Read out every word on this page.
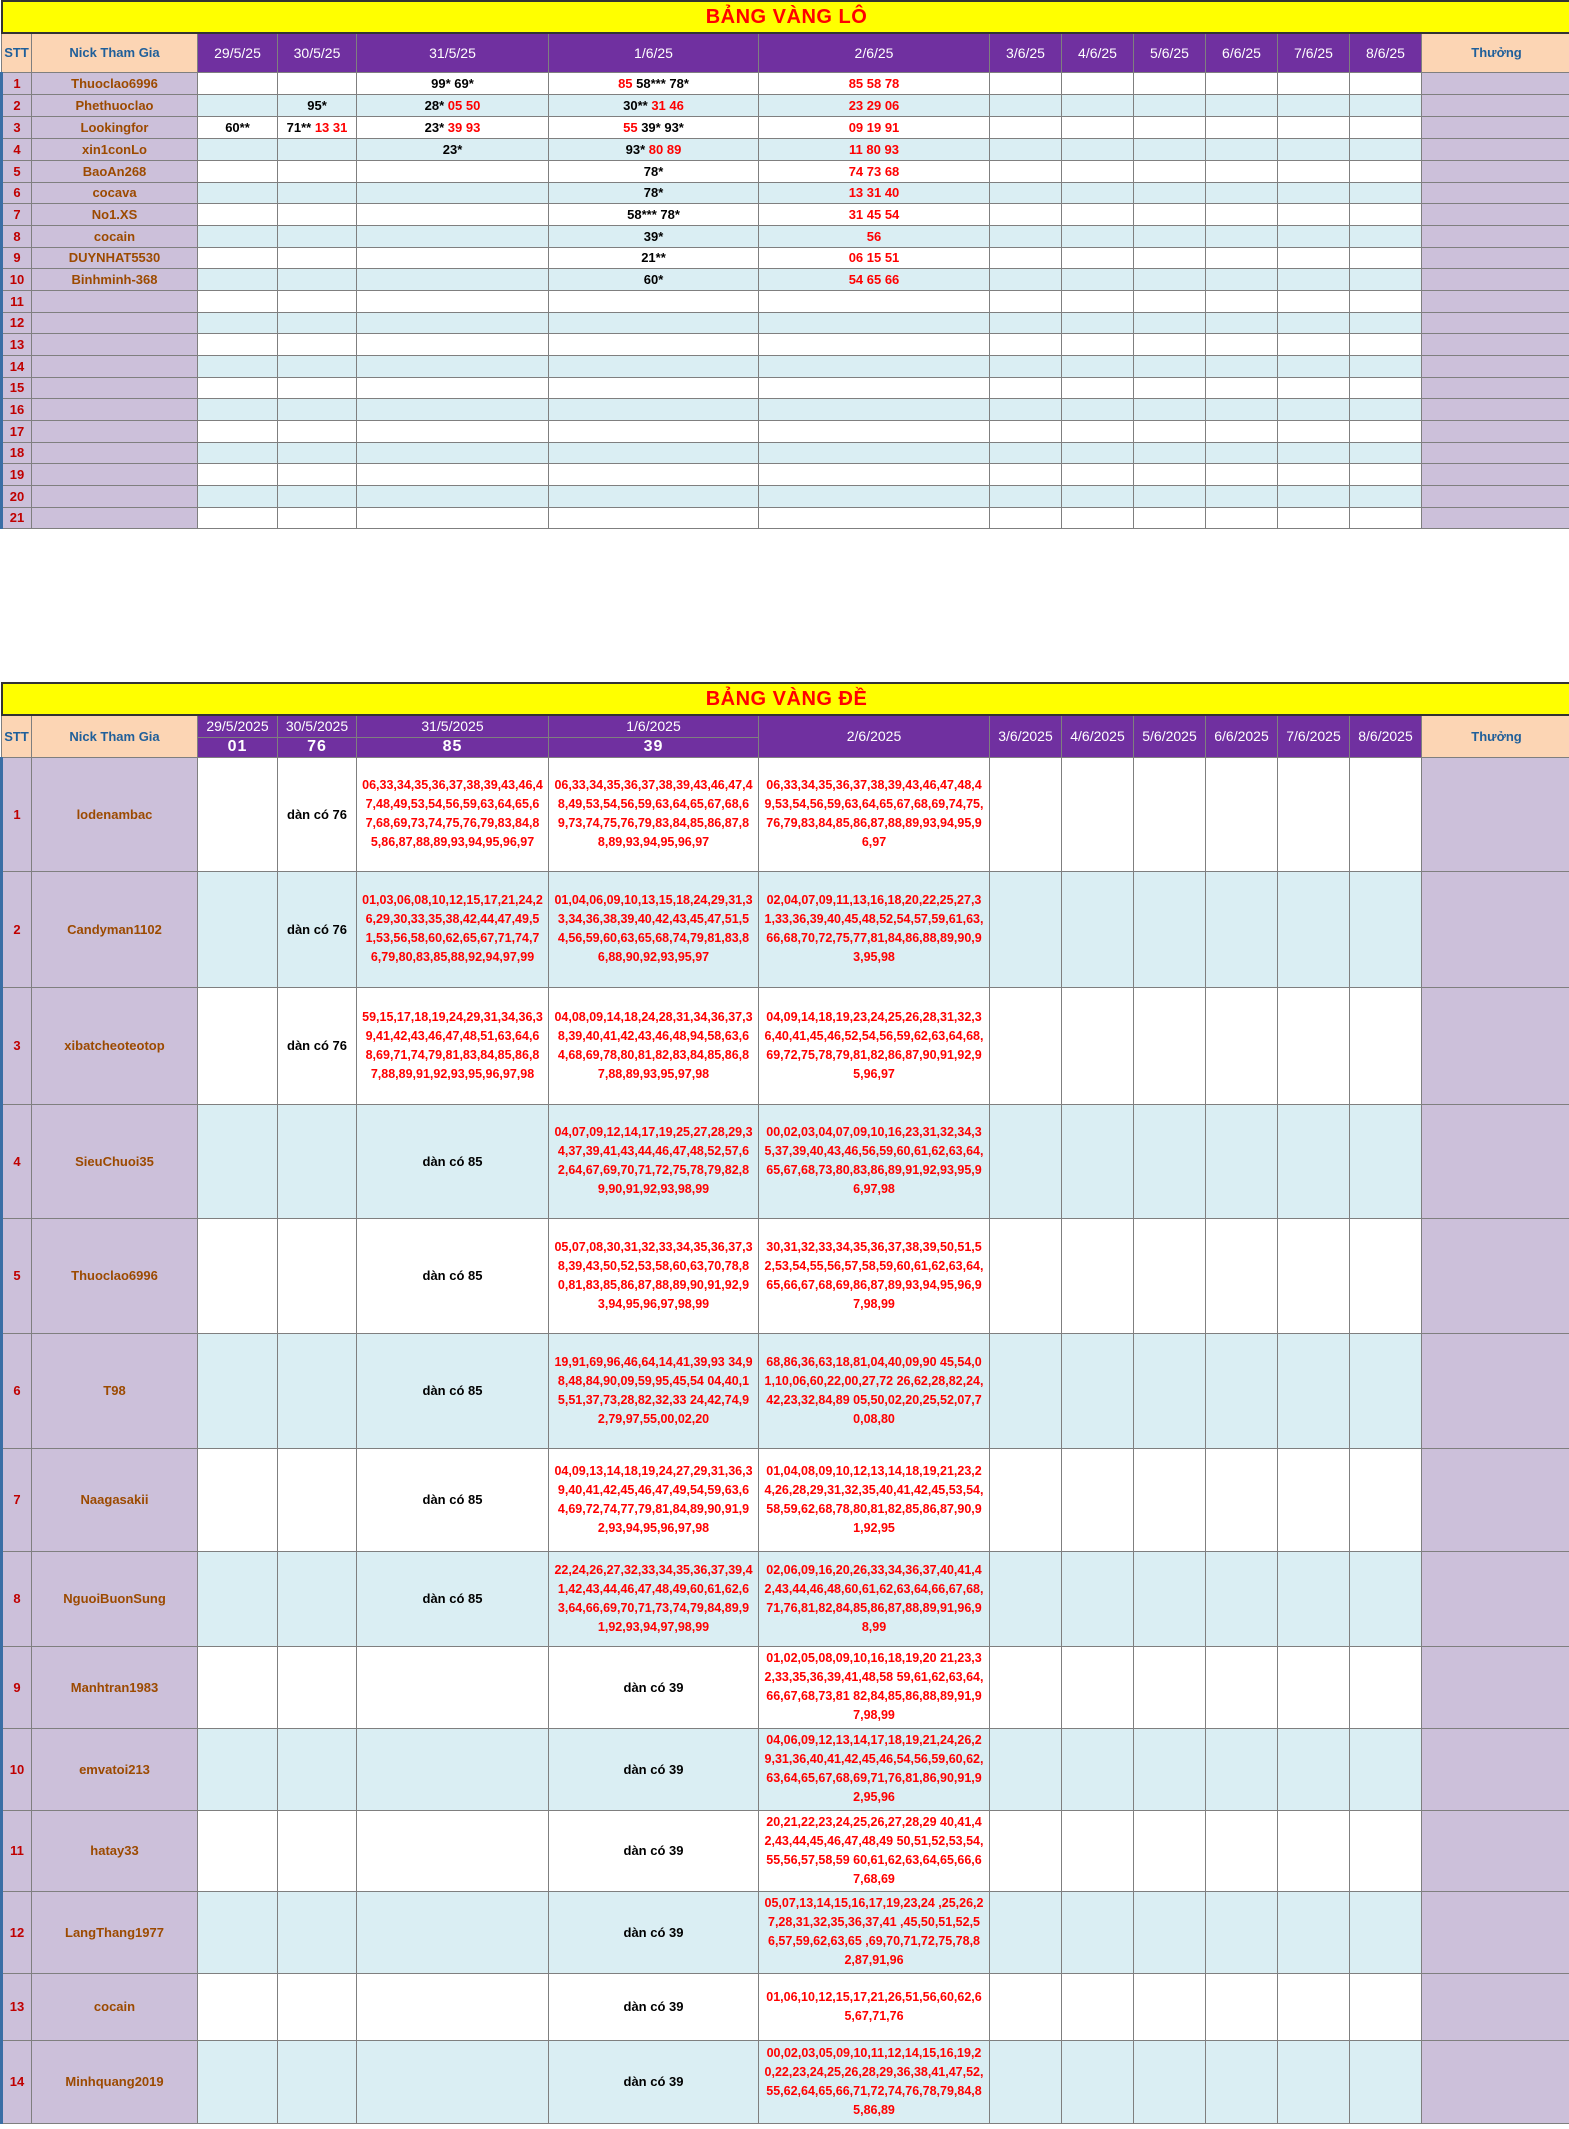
BẢNG VÀNG LÔ													
STT	Nick Tham Gia	29/5/25	30/5/25	31/5/25	1/6/25	2/6/25	3/6/25	4/6/25	5/6/25	6/6/25	7/6/25	8/6/25	Thưởng
1	Thuoclao6996			99* 69*	85 58*** 78*	85 58 78							
2	Phethuoclao		95*	28* 05 50	30** 31 46	23 29 06							
3	Lookingfor	60**	71** 13 31	23* 39 93	55 39* 93*	09 19 91							
4	xin1conLo			23*	93* 80 89	11 80 93							
5	BaoAn268				78*	74 73 68							
6	cocava				78*	13 31 40							
7	No1.XS				58*** 78*	31 45 54							
8	cocain				39*	56							
9	DUYNHAT5530				21**	06 15 51							
10	Binhminh-368				60*	54 65 66							
11													
12													
13													
14													
15													
16													
17													
18													
19													
20													
21													
BẢNG VÀNG ĐỀ													
STT	Nick Tham Gia	29/5/2025	30/5/2025	31/5/2025	1/6/2025	2/6/2025	3/6/2025	4/6/2025	5/6/2025	6/6/2025	7/6/2025	8/6/2025	Thưởng
		01	76	85	39								
1	lodenambac		dàn có 76	06,33,34,35,36,37,38,39,43,46,47,48,49,53,54,56,59,63,64,65,67,68,69,73,74,75,76,79,83,84,85,86,87,88,89,93,94,95,96,97	06,33,34,35,36,37,38,39,43,46,47,48,49,53,54,56,59,63,64,65,67,68,69,73,74,75,76,79,83,84,85,86,87,88,89,93,94,95,96,97	06,33,34,35,36,37,38,39,43,46,47,48,49,53,54,56,59,63,64,65,67,68,69,74,75,76,79,83,84,85,86,87,88,89,93,94,95,96,97							
2	Candyman1102		dàn có 76	01,03,06,08,10,12,15,17,21,24,26,29,30,33,35,38,42,44,47,49,51,53,56,58,60,62,65,67,71,74,76,79,80,83,85,88,92,94,97,99	01,04,06,09,10,13,15,18,24,29,31,33,34,36,38,39,40,42,43,45,47,51,54,56,59,60,63,65,68,74,79,81,83,86,88,90,92,93,95,97	02,04,07,09,11,13,16,18,20,22,25,27,31,33,36,39,40,45,48,52,54,57,59,61,63,66,68,70,72,75,77,81,84,86,88,89,90,93,95,98							
3	xibatcheoteotop		dàn có 76	59,15,17,18,19,24,29,31,34,36,39,41,42,43,46,47,48,51,63,64,68,69,71,74,79,81,83,84,85,86,87,88,89,91,92,93,95,96,97,98	04,08,09,14,18,24,28,31,34,36,37,38,39,40,41,42,43,46,48,94,58,63,64,68,69,78,80,81,82,83,84,85,86,87,88,89,93,95,97,98	04,09,14,18,19,23,24,25,26,28,31,32,36,40,41,45,46,52,54,56,59,62,63,64,68,69,72,75,78,79,81,82,86,87,90,91,92,95,96,97							
4	SieuChuoi35			dàn có 85	04,07,09,12,14,17,19,25,27,28,29,34,37,39,41,43,44,46,47,48,52,57,62,64,67,69,70,71,72,75,78,79,82,89,90,91,92,93,98,99	00,02,03,04,07,09,10,16,23,31,32,34,35,37,39,40,43,46,56,59,60,61,62,63,64,65,67,68,73,80,83,86,89,91,92,93,95,96,97,98							
5	Thuoclao6996			dàn có 85	05,07,08,30,31,32,33,34,35,36,37,38,39,43,50,52,53,58,60,63,70,78,80,81,83,85,86,87,88,89,90,91,92,93,94,95,96,97,98,99	30,31,32,33,34,35,36,37,38,39,50,51,52,53,54,55,56,57,58,59,60,61,62,63,64,65,66,67,68,69,86,87,89,93,94,95,96,97,98,99							
6	T98			dàn có 85	19,91,69,96,46,64,14,41,39,93 34,98,48,84,90,09,59,95,45,54 04,40,15,51,37,73,28,82,32,33 24,42,74,92,79,97,55,00,02,20	68,86,36,63,18,81,04,40,09,90 45,54,01,10,06,60,22,00,27,72 26,62,28,82,24,42,23,32,84,89 05,50,02,20,25,52,07,70,08,80							
7	Naagasakii			dàn có 85	04,09,13,14,18,19,24,27,29,31,36,39,40,41,42,45,46,47,49,54,59,63,64,69,72,74,77,79,81,84,89,90,91,92,93,94,95,96,97,98	01,04,08,09,10,12,13,14,18,19,21,23,24,26,28,29,31,32,35,40,41,42,45,53,54,58,59,62,68,78,80,81,82,85,86,87,90,91,92,95							
8	NguoiBuonSung			dàn có 85	22,24,26,27,32,33,34,35,36,37,39,41,42,43,44,46,47,48,49,60,61,62,63,64,66,69,70,71,73,74,79,84,89,91,92,93,94,97,98,99	02,06,09,16,20,26,33,34,36,37,40,41,42,43,44,46,48,60,61,62,63,64,66,67,68,71,76,81,82,84,85,86,87,88,89,91,96,98,99							
9	Manhtran1983				dàn có 39	01,02,05,08,09,10,16,18,19,20 21,23,32,33,35,36,39,41,48,58 59,61,62,63,64,66,67,68,73,81 82,84,85,86,88,89,91,97,98,99							
10	emvatoi213				dàn có 39	04,06,09,12,13,14,17,18,19,21,24,26,29,31,36,40,41,42,45,46,54,56,59,60,62,63,64,65,67,68,69,71,76,81,86,90,91,92,95,96							
11	hatay33				dàn có 39	20,21,22,23,24,25,26,27,28,29 40,41,42,43,44,45,46,47,48,49 50,51,52,53,54,55,56,57,58,59 60,61,62,63,64,65,66,67,68,69							
12	LangThang1977				dàn có 39	05,07,13,14,15,16,17,19,23,24 ,25,26,27,28,31,32,35,36,37,41 ,45,50,51,52,56,57,59,62,63,65 ,69,70,71,72,75,78,82,87,91,96							
13	cocain				dàn có 39	01,06,10,12,15,17,21,26,51,56,60,62,65,67,71,76							
14	Minhquang2019				dàn có 39	00,02,03,05,09,10,11,12,14,15,16,19,20,22,23,24,25,26,28,29,36,38,41,47,52,55,62,64,65,66,71,72,74,76,78,79,84,85,86,89							
